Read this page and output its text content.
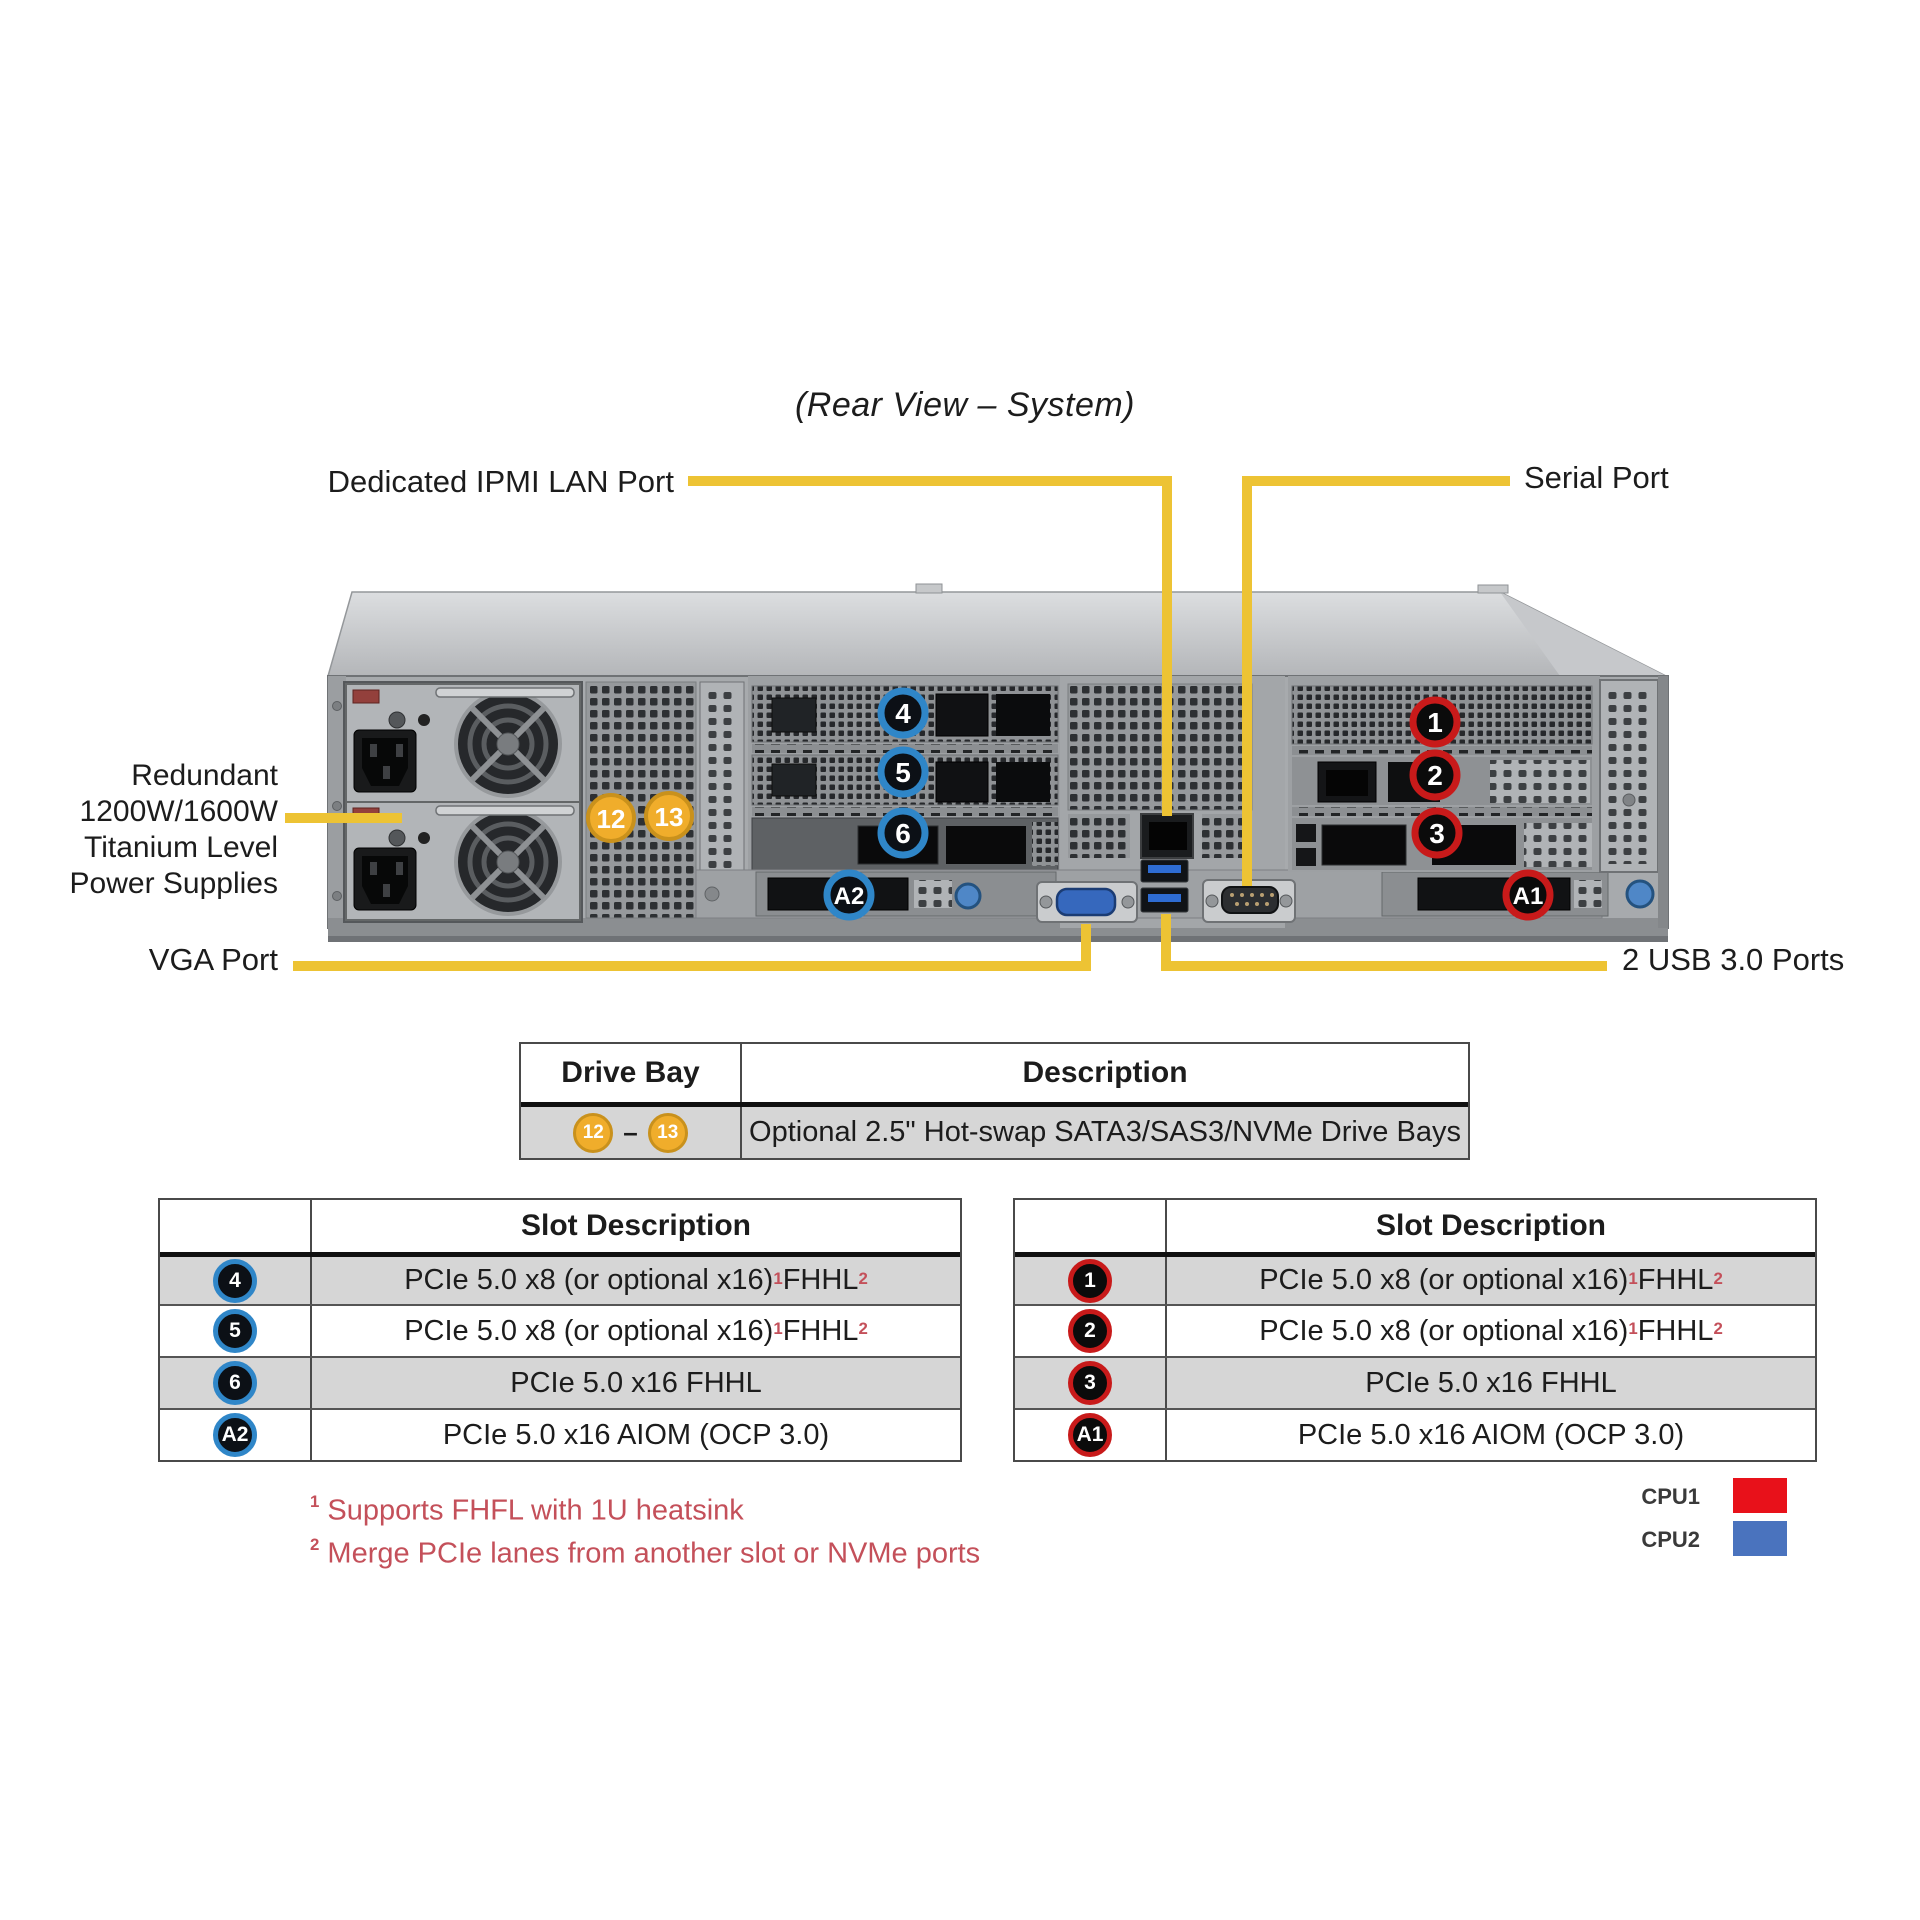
4
5
6
A2
1
2
3
A1
12 13
(Rear View – System)
Dedicated IPMI LAN Port	Serial Port
Redundant
1200W/1600W
Titanium Level
Power Supplies
VGA Port	2 USB 3.0 Ports
Drive Bay	Description
12 – 13 Optional 2.5" Hot-swap SATA3/SAS3/NVMe Drive Bays
Slot Description
4	PCIe 5.0 x8 (or optional x16)$^1$ FHHL$^2$
5	PCIe 5.0 x8 (or optional x16)$^1$ FHHL$^2$
6	PCIe 5.0 x16 FHHL
A2	PCIe 5.0 x16 AIOM (OCP 3.0)
Slot Description
1	PCIe 5.0 x8 (or optional x16)$^1$ FHHL$^2$
2	PCIe 5.0 x8 (or optional x16)$^1$ FHHL$^2$
3	PCIe 5.0 x16 FHHL
A1	PCIe 5.0 x16 AIOM (OCP 3.0)
$^1$ Supports FHFL with 1U heatsink
$^2$ Merge PCIe lanes from another slot or NVMe ports
CPU1
CPU2
